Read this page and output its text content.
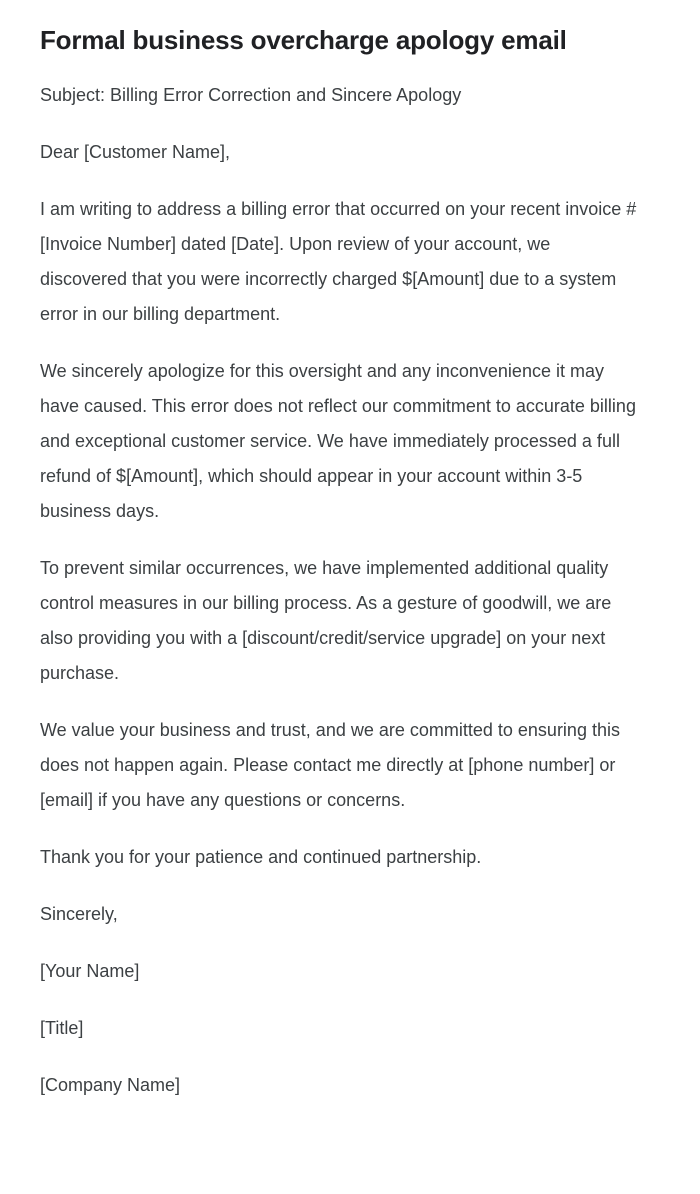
Formal business overcharge apology email

Subject: Billing Error Correction and Sincere Apology

Dear [Customer Name],

I am writing to address a billing error that occurred on your recent invoice #[Invoice Number] dated [Date]. Upon review of your account, we discovered that you were incorrectly charged $[Amount] due to a system error in our billing department.

We sincerely apologize for this oversight and any inconvenience it may have caused. This error does not reflect our commitment to accurate billing and exceptional customer service. We have immediately processed a full refund of $[Amount], which should appear in your account within 3-5 business days.

To prevent similar occurrences, we have implemented additional quality control measures in our billing process. As a gesture of goodwill, we are also providing you with a [discount/credit/service upgrade] on your next purchase.

We value your business and trust, and we are committed to ensuring this does not happen again. Please contact me directly at [phone number] or [email] if you have any questions or concerns.

Thank you for your patience and continued partnership.

Sincerely,

[Your Name]

[Title]

[Company Name]
